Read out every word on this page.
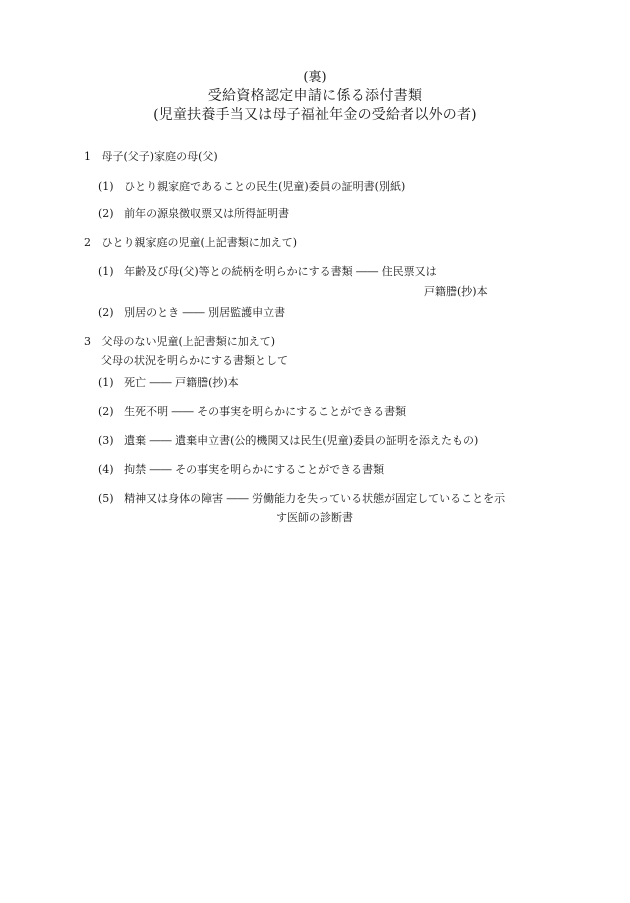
(裏)
受給資格認定申請に係る添付書類
(児童扶養手当又は母子福祉年金の受給者以外の者)
1 母子(父子)家庭の母(父)
(1) ひとり親家庭であることの民生(児童)委員の証明書(別紙)
(2) 前年の源泉徴収票又は所得証明書
2 ひとり親家庭の児童(上記書類に加えて)
(1) 年齢及び母(父)等との続柄を明らかにする書類 ―― 住民票又は
戸籍謄(抄)本
(2) 別居のとき ―― 別居監護申立書
3 父母のない児童(上記書類に加えて)
父母の状況を明らかにする書類として
(1) 死亡 ―― 戸籍謄(抄)本
(2) 生死不明 ―― その事実を明らかにすることができる書類
(3) 遺棄 ―― 遺棄申立書(公的機関又は民生(児童)委員の証明を添えたもの)
(4) 拘禁 ―― その事実を明らかにすることができる書類
(5) 精神又は身体の障害 ―― 労働能力を失っている状態が固定していることを示
す医師の診断書
